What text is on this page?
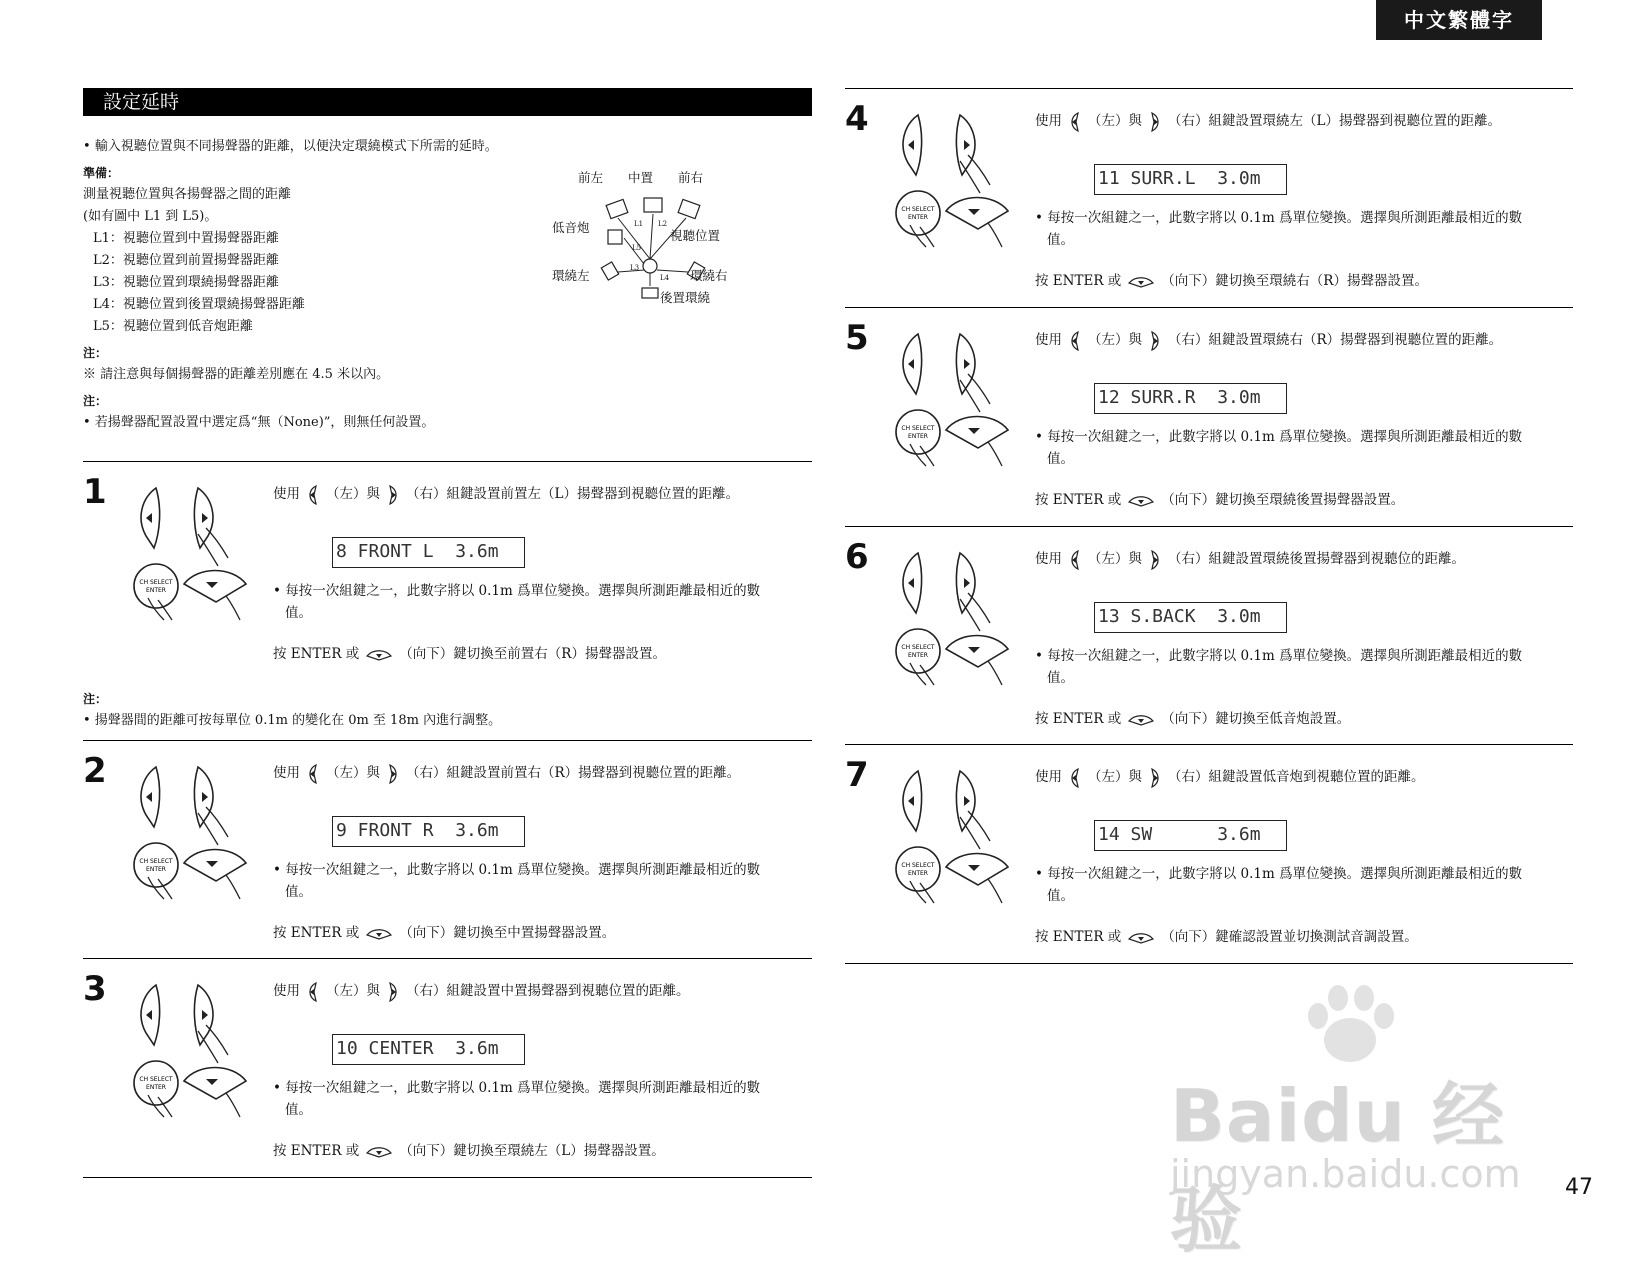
中文繁體字
設定延時

• 輸入視聽位置與不同揚聲器的距離，以便決定環繞模式下所需的延時。

準備：

測量視聽位置與各揚聲器之間的距離

(如有圖中 L1 到 L5)。

L1：視聽位置到中置揚聲器距離

L2：視聽位置到前置揚聲器距離

L3：視聽位置到環繞揚聲器距離

L4：視聽位置到後置環繞揚聲器距離

L5：視聽位置到低音炮距離

注：

※ 請注意與每個揚聲器的距離差別應在 4.5 米以內。

注：

• 若揚聲器配置設置中選定爲“無（None)”，則無任何設置。

前左 中置 前右
低音炮
視聽位置
環繞左	環繞右
後置環繞
L1 L2
L5
L3
L4

注：

• 揚聲器間的距離可按每單位 0.1m 的變化在 0m 至 18m 內進行調整。

1
CH SELECT
ENTER
使用 （左）與 （右）組鍵設置前置左（L）揚聲器到視聽位置的距離。
8 FRONT L  3.6m
• 每按一次組鍵之一，此數字將以 0.1m 爲單位變換。選擇與所測距離最相近的數
值。
按 ENTER 或	（向下）鍵切換至前置右（R）揚聲器設置。
2
CH SELECT
ENTER
使用 （左）與 （右）組鍵設置前置右（R）揚聲器到視聽位置的距離。
9 FRONT R  3.6m
• 每按一次組鍵之一，此數字將以 0.1m 爲單位變換。選擇與所測距離最相近的數
值。
按 ENTER 或	（向下）鍵切換至中置揚聲器設置。
3
CH SELECT
ENTER
使用 （左）與 （右）組鍵設置中置揚聲器到視聽位置的距離。
10 CENTER  3.6m
• 每按一次組鍵之一，此數字將以 0.1m 爲單位變換。選擇與所測距離最相近的數
值。
按 ENTER 或	（向下）鍵切換至環繞左（L）揚聲器設置。
4
CH SELECT
ENTER
使用 （左）與 （右）組鍵設置環繞左（L）揚聲器到視聽位置的距離。
11 SURR.L  3.0m
• 每按一次組鍵之一，此數字將以 0.1m 爲單位變換。選擇與所測距離最相近的數
值。
按 ENTER 或	（向下）鍵切換至環繞右（R）揚聲器設置。
5
CH SELECT
ENTER
使用 （左）與 （右）組鍵設置環繞右（R）揚聲器到視聽位置的距離。
12 SURR.R  3.0m
• 每按一次組鍵之一，此數字將以 0.1m 爲單位變換。選擇與所測距離最相近的數
值。
按 ENTER 或	（向下）鍵切換至環繞後置揚聲器設置。
6
CH SELECT
ENTER
使用 （左）與 （右）組鍵設置環繞後置揚聲器到視聽位的距離。
13 S.BACK  3.0m
• 每按一次組鍵之一，此數字將以 0.1m 爲單位變換。選擇與所測距離最相近的數
值。
按 ENTER 或	（向下）鍵切換至低音炮設置。
7
CH SELECT
ENTER
使用 （左）與 （右）組鍵設置低音炮到視聽位置的距離。
14 SW      3.6m
• 每按一次組鍵之一，此數字將以 0.1m 爲單位變換。選擇與所測距離最相近的數
值。
按 ENTER 或	（向下）鍵確認設置並切換測試音調設置。
Baidu 经验
jingyan.baidu.com 47
